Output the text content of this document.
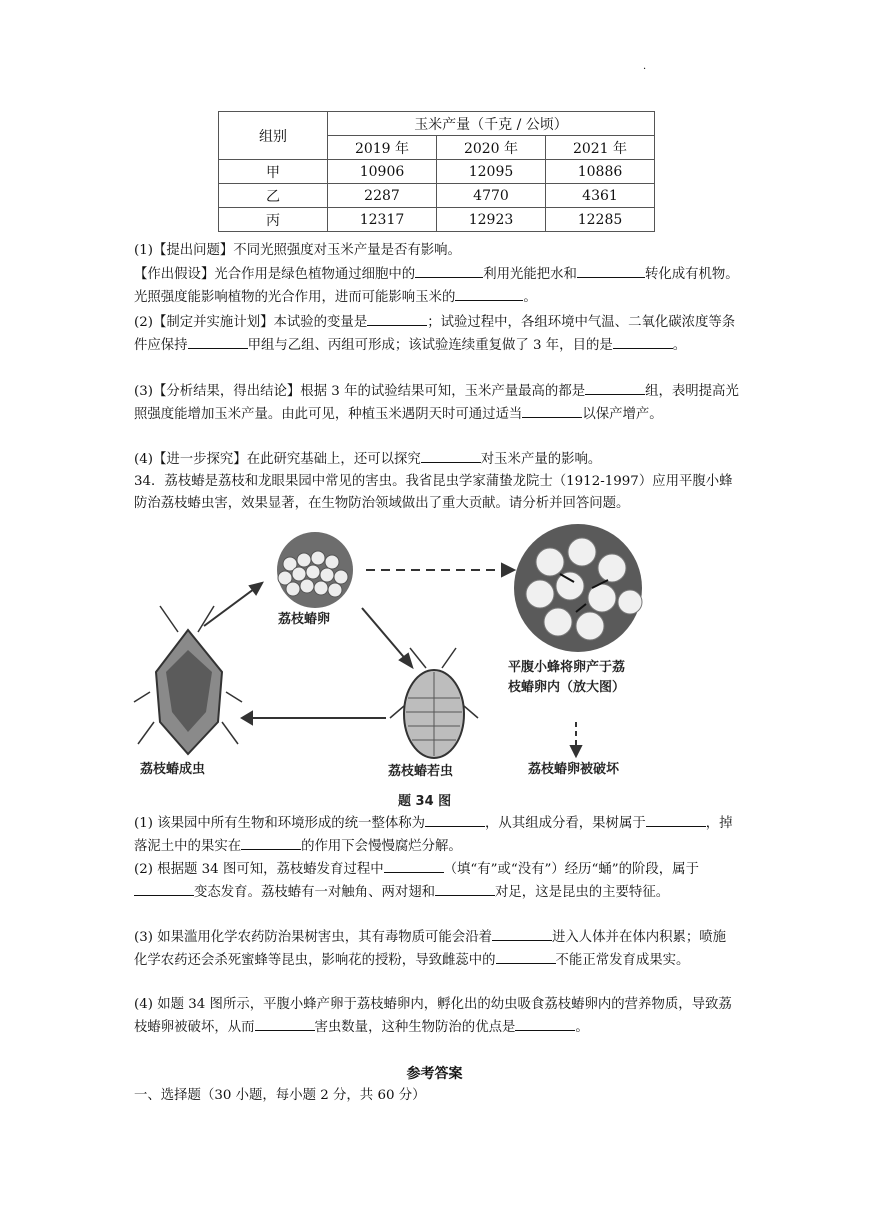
·
组别	玉米产量（千克 / 公顷）		
	2019 年	2020 年	2021 年
甲	10906	12095	10886
乙	2287	4770	4361
丙	12317	12923	12285
(1)【提出问题】不同光照强度对玉米产量是否有影响。
【作出假设】光合作用是绿色植物通过细胞中的	利用光能把水和	转化成有机物。光照强度能影响植物的光合作用，进而可能影响玉米的	。
(2)【制定并实施计划】本试验的变量是	；试验过程中，各组环境中气温、二氧化碳浓度等条件应保持	甲组与乙组、丙组可形成；该试验连续重复做了 3 年，目的是	。
(3)【分析结果，得出结论】根据 3 年的试验结果可知，玉米产量最高的都是	组，表明提高光照强度能增加玉米产量。由此可见，种植玉米遇阴天时可通过适当	以保产增产。
(4)【进一步探究】在此研究基础上，还可以探究	对玉米产量的影响。
34．荔枝蝽是荔枝和龙眼果园中常见的害虫。我省昆虫学家蒲蛰龙院士（1912-1997）应用平腹小蜂防治荔枝蝽虫害，效果显著，在生物防治领域做出了重大贡献。请分析并回答问题。
荔枝蝽卵
荔枝蝽成虫	荔枝蝽若虫
平腹小蜂将卵产于荔
枝蝽卵内（放大图）
荔枝蝽卵被破坏
题 34 图
(1) 该果园中所有生物和环境形成的统一整体称为	，从其组成分看，果树属于	，掉落泥土中的果实在	的作用下会慢慢腐烂分解。
(2) 根据题 34 图可知，荔枝蝽发育过程中	（填“有”或“没有”）经历“蛹”的阶段，属于变态发育。荔枝蝽有一对触角、两对翅和	对足，这是昆虫的主要特征。
(3) 如果滥用化学农药防治果树害虫，其有毒物质可能会沿着	进入人体并在体内积累；喷施化学农药还会杀死蜜蜂等昆虫，影响花的授粉，导致雌蕊中的	不能正常发育成果实。
(4) 如题 34 图所示，平腹小蜂产卵于荔枝蝽卵内，孵化出的幼虫吸食荔枝蝽卵内的营养物质，导致荔枝蝽卵被破坏，从而	害虫数量，这种生物防治的优点是	。
参考答案
一、选择题（30 小题，每小题 2 分，共 60 分）
